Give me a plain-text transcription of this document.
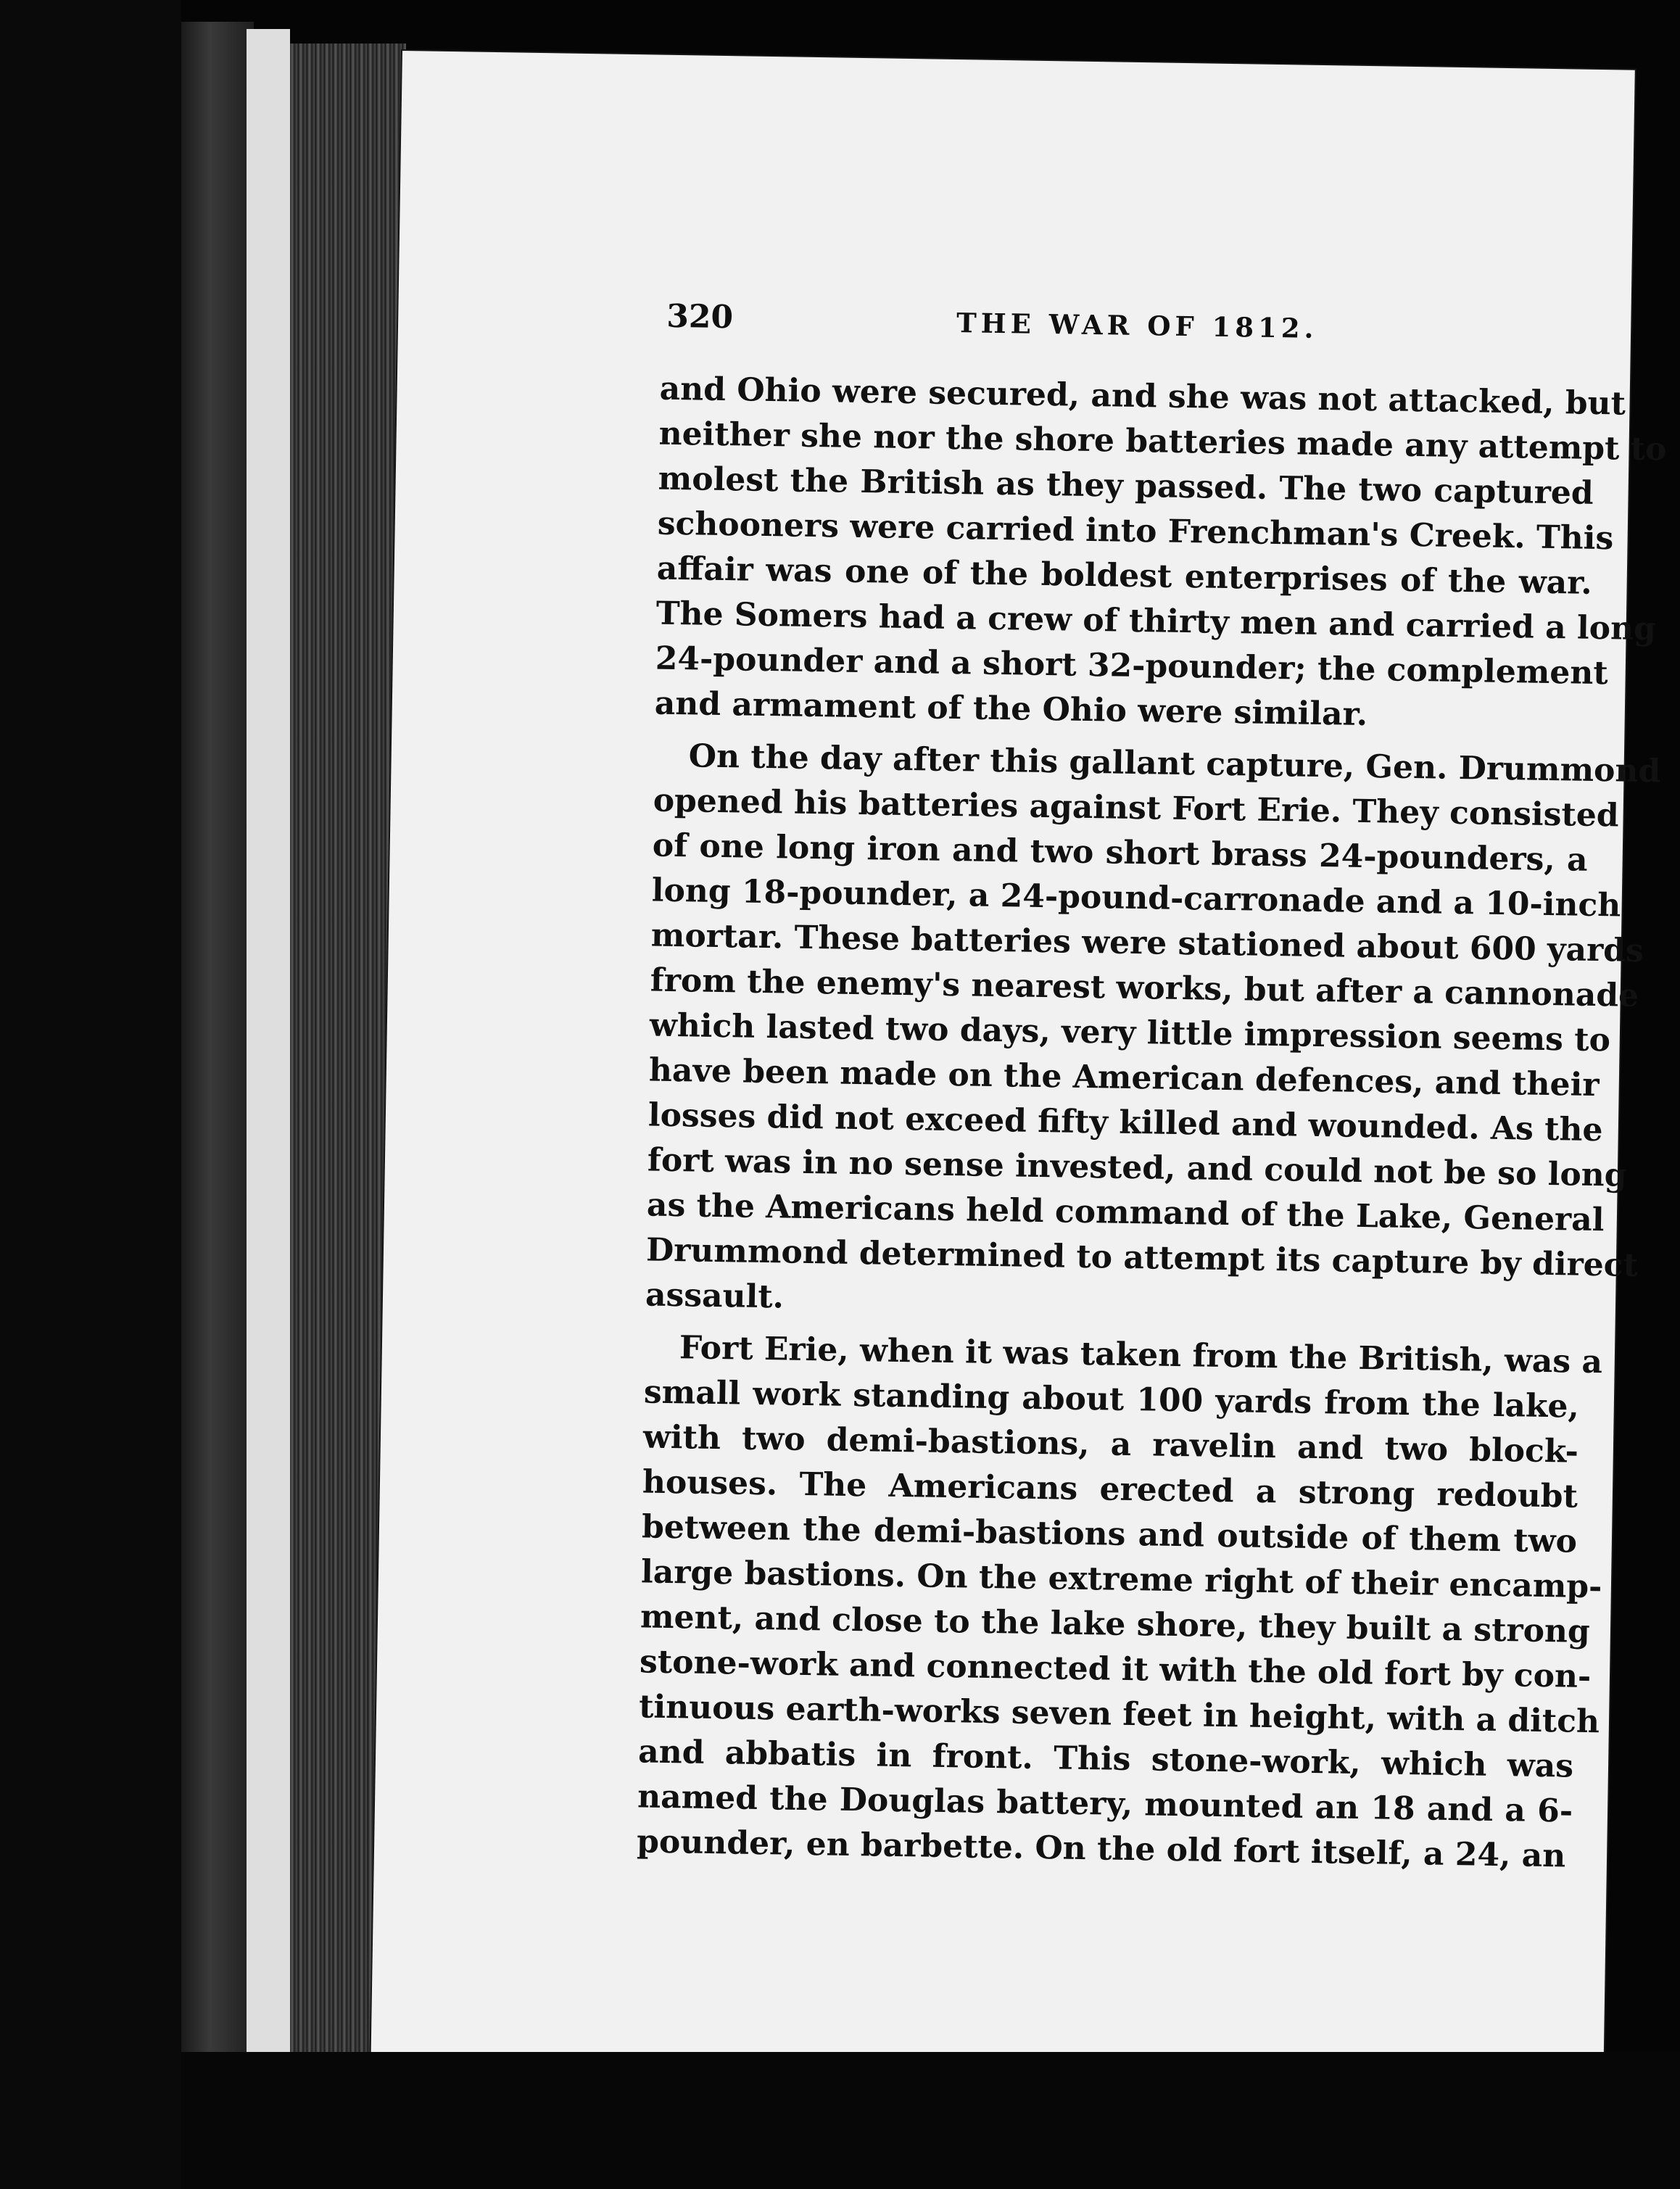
320	THE WAR OF 1812.
and Ohio were secured, and she was not attacked, but
neither she nor the shore batteries made any attempt to
molest the British as they passed. The two captured
schooners were carried into Frenchman's Creek. This
affair was one of the boldest enterprises of the war.
The Somers had a crew of thirty men and carried a long
24-pounder and a short 32-pounder; the complement
and armament of the Ohio were similar.
On the day after this gallant capture, Gen. Drummond
opened his batteries against Fort Erie. They consisted
of one long iron and two short brass 24-pounders, a
long 18-pounder, a 24-pound-carronade and a 10-inch
mortar. These batteries were stationed about 600 yards
from the enemy's nearest works, but after a cannonade
which lasted two days, very little impression seems to
have been made on the American defences, and their
losses did not exceed fifty killed and wounded. As the
fort was in no sense invested, and could not be so long
as the Americans held command of the Lake, General
Drummond determined to attempt its capture by direct
assault.
Fort Erie, when it was taken from the British, was a
small work standing about 100 yards from the lake,
with two demi-bastions, a ravelin and two block-
houses. The Americans erected a strong redoubt
between the demi-bastions and outside of them two
large bastions. On the extreme right of their encamp-
ment, and close to the lake shore, they built a strong
stone-work and connected it with the old fort by con-
tinuous earth-works seven feet in height, with a ditch
and abbatis in front. This stone-work, which was
named the Douglas battery, mounted an 18 and a 6-
pounder, en barbette. On the old fort itself, a 24, an
